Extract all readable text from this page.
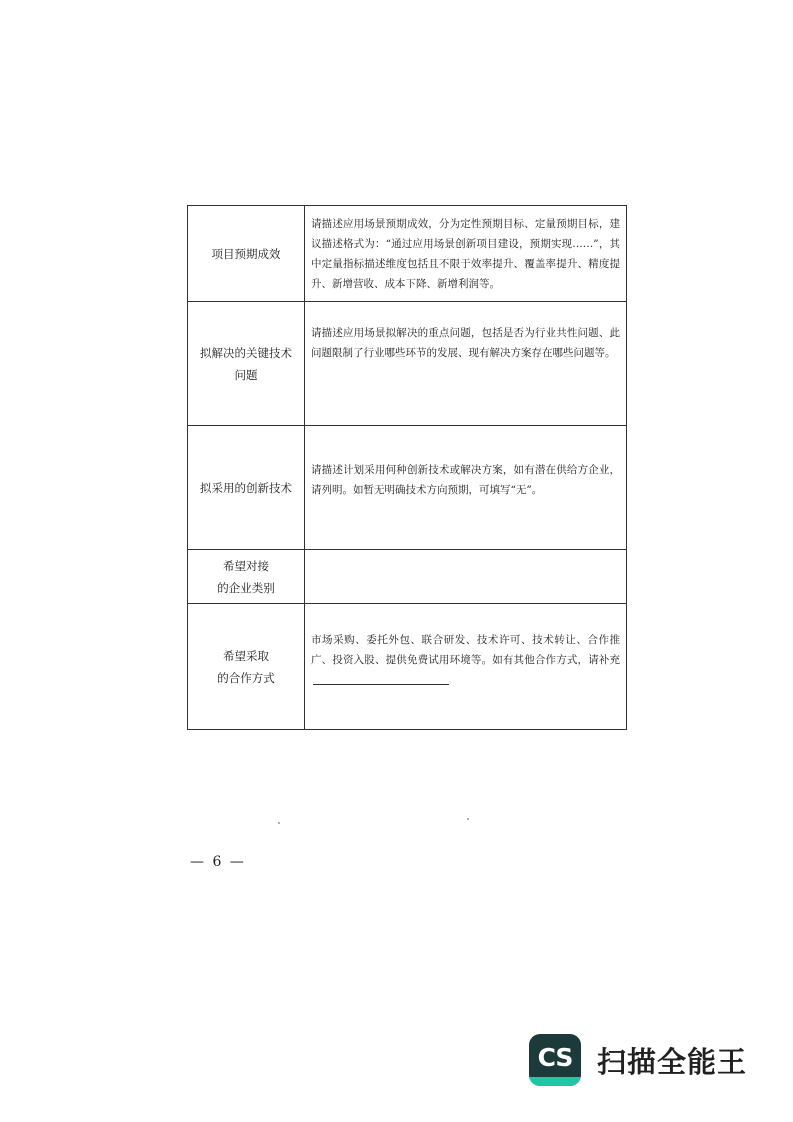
项目预期成效	请描述应用场景预期成效，分为定性预期目标、定量预期目标，建议描述格式为：“通过应用场景创新项目建设，预期实现……”，其中定量指标描述维度包括且不限于效率提升、覆盖率提升、精度提升、新增营收、成本下降、新增利润等。

拟解决的关键技术
问题	请描述应用场景拟解决的重点问题，包括是否为行业共性问题、此问题限制了行业哪些环节的发展、现有解决方案存在哪些问题等。

拟采用的创新技术	请描述计划采用何种创新技术或解决方案，如有潜在供给方企业，请列明。如暂无明确技术方向预期，可填写“无”。

希望对接
的企业类别	

希望采取
的合作方式	市场采购、委托外包、联合研发、技术许可、技术转让、合作推广、投资入股、提供免费试用环境等。如有其他合作方式，请补充
— 6 —
CS 扫描全能王
